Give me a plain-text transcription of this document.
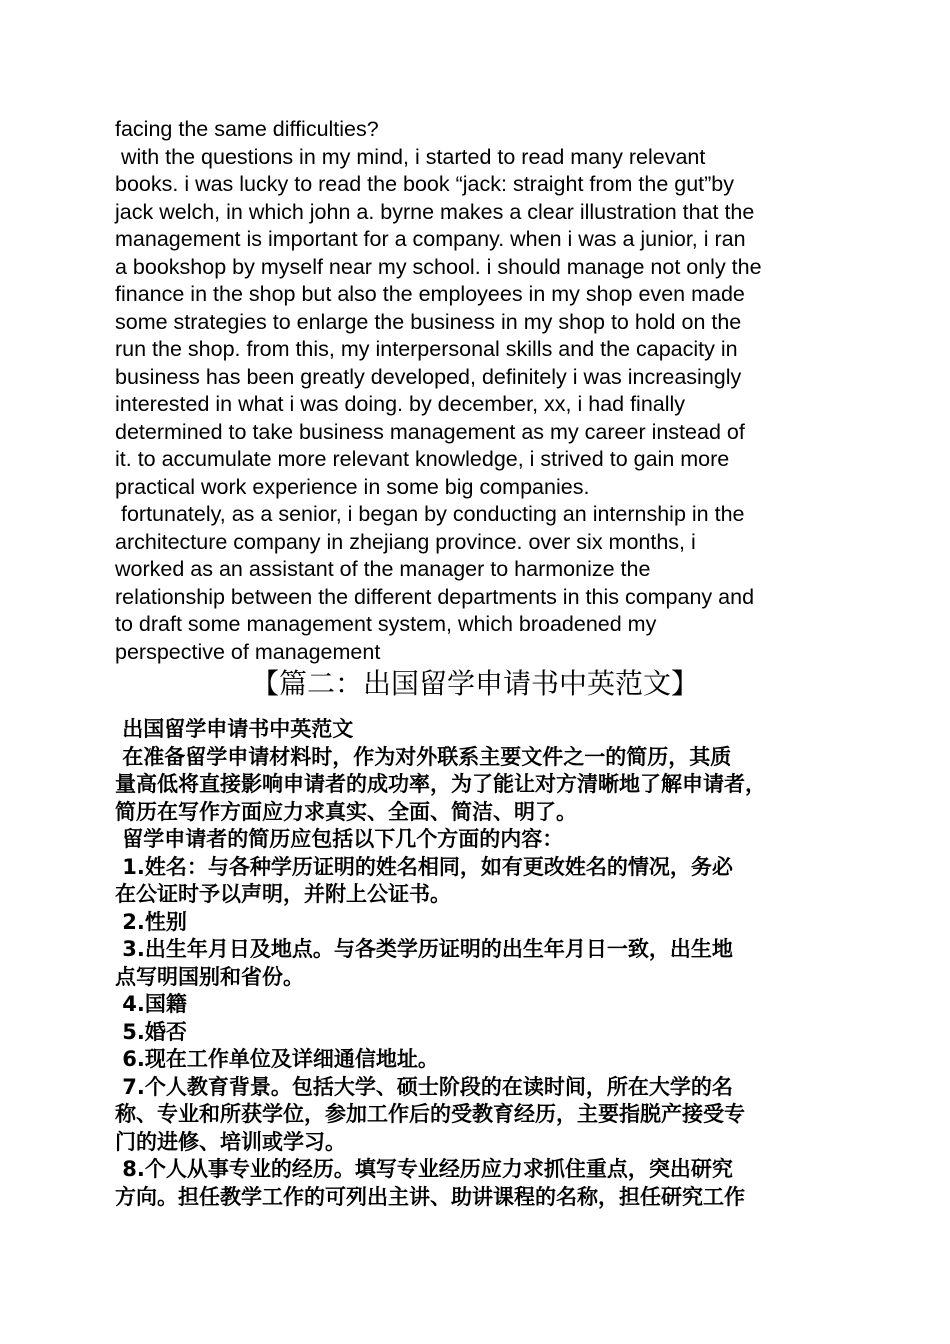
facing the same difficulties?
with the questions in my mind, i started to read many relevant
books. i was lucky to read the book “jack: straight from the gut”by
jack welch, in which john a. byrne makes a clear illustration that the
management is important for a company. when i was a junior, i ran
a bookshop by myself near my school. i should manage not only the
finance in the shop but also the employees in my shop even made
some strategies to enlarge the business in my shop to hold on the
run the shop. from this, my interpersonal skills and the capacity in
business has been greatly developed, definitely i was increasingly
interested in what i was doing. by december, xx, i had finally
determined to take business management as my career instead of
it. to accumulate more relevant knowledge, i strived to gain more
practical work experience in some big companies.
fortunately, as a senior, i began by conducting an internship in the
architecture company in zhejiang province. over six months, i
worked as an assistant of the manager to harmonize the
relationship between the different departments in this company and
to draft some management system, which broadened my
perspective of management
【篇二：出国留学申请书中英范文】
出国留学申请书中英范文
在准备留学申请材料时，作为对外联系主要文件之一的简历，其质
量高低将直接影响申请者的成功率，为了能让对方清晰地了解申请者，
简历在写作方面应力求真实、全面、简洁、明了。
留学申请者的简历应包括以下几个方面的内容：
1.姓名：与各种学历证明的姓名相同，如有更改姓名的情况，务必
在公证时予以声明，并附上公证书。
2.性别
3.出生年月日及地点。与各类学历证明的出生年月日一致，出生地
点写明国别和省份。
4.国籍
5.婚否
6.现在工作单位及详细通信地址。
7.个人教育背景。包括大学、硕士阶段的在读时间，所在大学的名
称、专业和所获学位，参加工作后的受教育经历，主要指脱产接受专
门的进修、培训或学习。
8.个人从事专业的经历。填写专业经历应力求抓住重点，突出研究
方向。担任教学工作的可列出主讲、助讲课程的名称，担任研究工作
